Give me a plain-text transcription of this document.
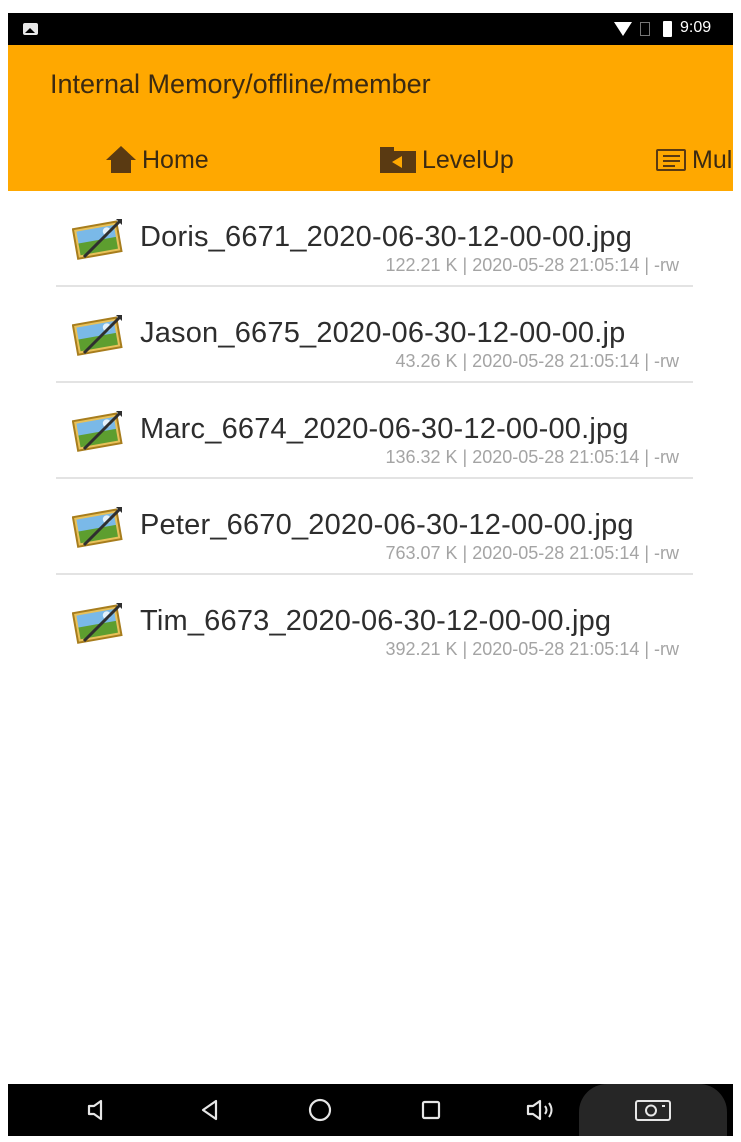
9:09
Internal Memory/offline/member
Home	LevelUp	Mul
Doris_6671_2020-06-30-12-00-00.jpg
122.21 K | 2020-05-28 21:05:14 | -rw
Jason_6675_2020-06-30-12-00-00.jp
43.26 K | 2020-05-28 21:05:14 | -rw
Marc_6674_2020-06-30-12-00-00.jpg
136.32 K | 2020-05-28 21:05:14 | -rw
Peter_6670_2020-06-30-12-00-00.jpg
763.07 K | 2020-05-28 21:05:14 | -rw
Tim_6673_2020-06-30-12-00-00.jpg
392.21 K | 2020-05-28 21:05:14 | -rw
